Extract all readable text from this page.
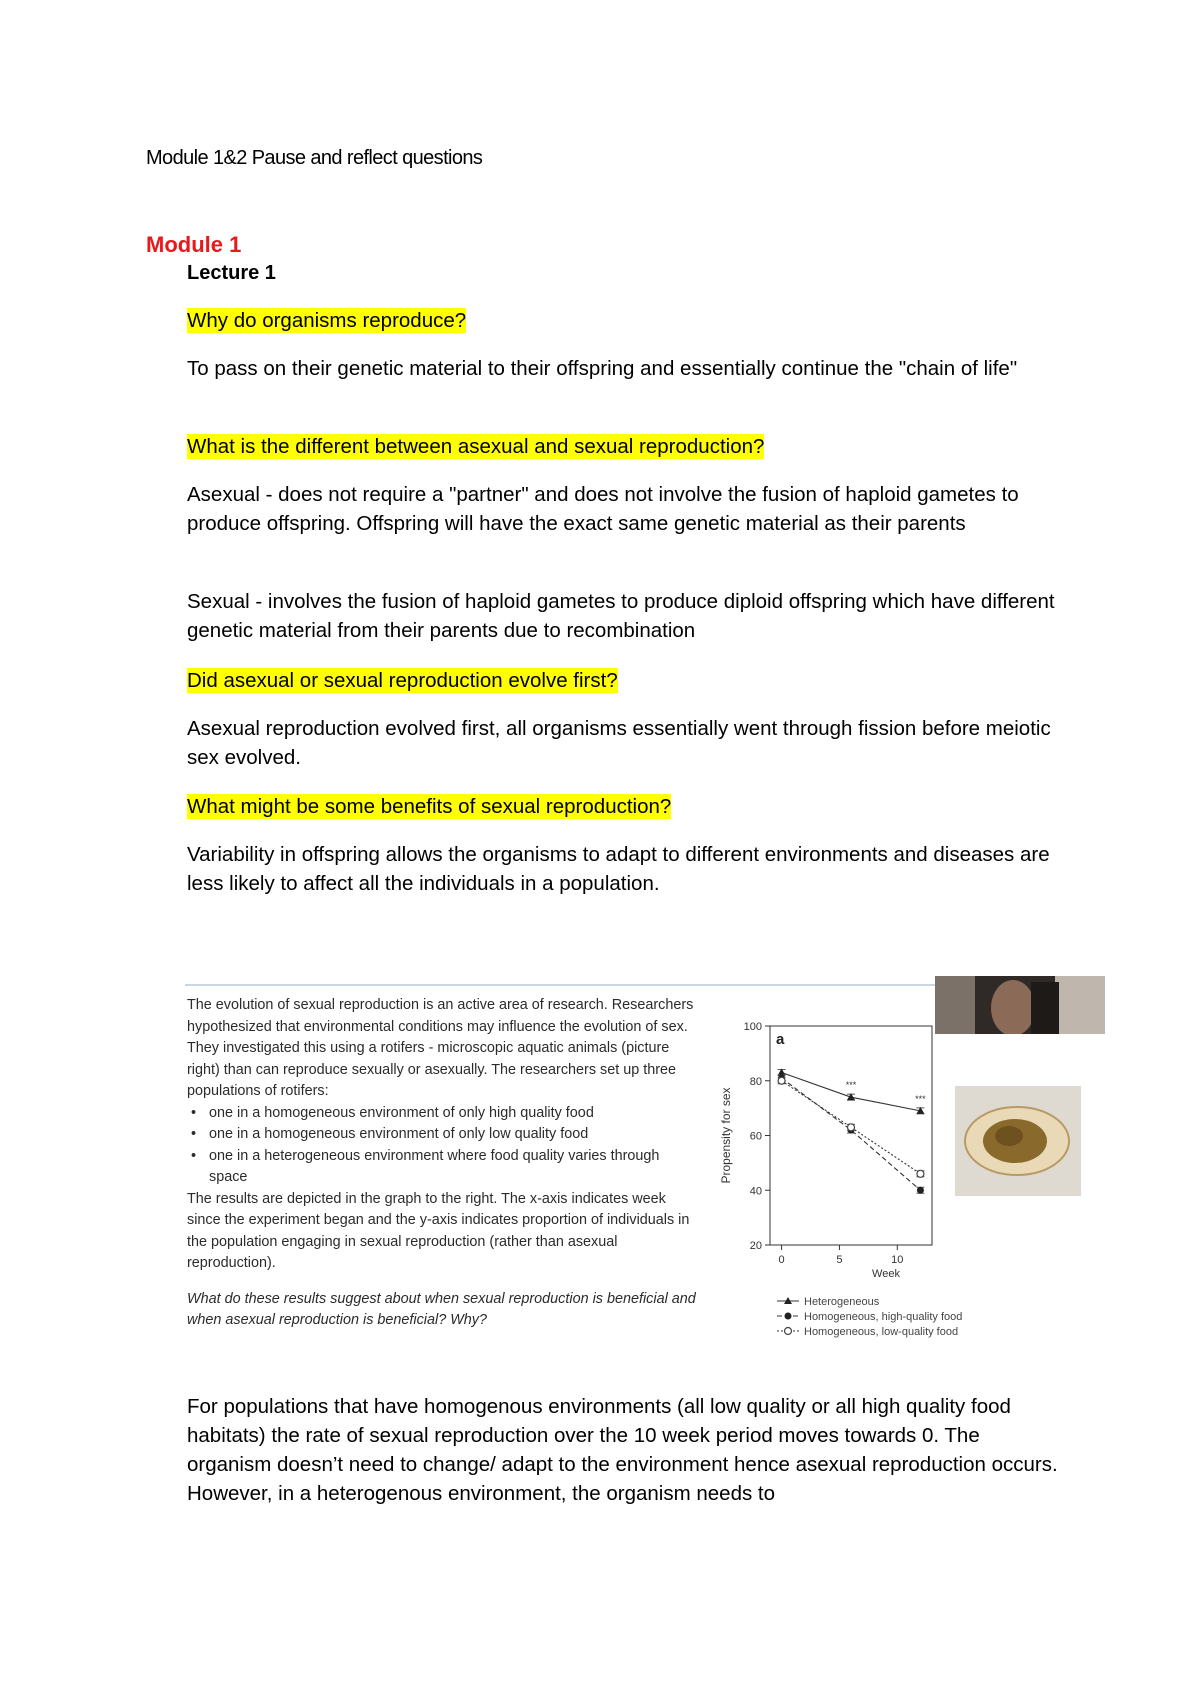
Module 1&2 Pause and reflect questions
Module 1
Lecture 1
Why do organisms reproduce?
To pass on their genetic material to their offspring and essentially continue the "chain of life"
What is the different between asexual and sexual reproduction?
Asexual - does not require a "partner" and does not involve the fusion of haploid gametes to produce offspring. Offspring will have the exact same genetic material as their parents
Sexual - involves the fusion of haploid gametes to produce diploid offspring which have different genetic material from their parents due to recombination
Did asexual or sexual reproduction evolve first?
Asexual reproduction evolved first, all organisms essentially went through fission before meiotic sex evolved.
What might be some benefits of sexual reproduction?
Variability in offspring allows the organisms to adapt to different environments and diseases are less likely to affect all the individuals in a population.
The evolution of sexual reproduction is an active area of research. Researchers hypothesized that environmental conditions may influence the evolution of sex. They investigated this using a rotifers - microscopic aquatic animals (picture right) than can reproduce sexually or asexually. The researchers set up three populations of rotifers:
• one in a homogeneous environment of only high quality food
• one in a homogeneous environment of only low quality food
• one in a heterogeneous environment where food quality varies through space
The results are depicted in the graph to the right. The x-axis indicates week since the experiment began and the y-axis indicates proportion of individuals in the population engaging in sexual reproduction (rather than asexual reproduction).
What do these results suggest about when sexual reproduction is beneficial and when asexual reproduction is beneficial? Why?
a
20
40
60
80
100
0	5	10
Week
Propensity for sex
***
***
Heterogeneous
Homogeneous, high-quality food
Homogeneous, low-quality food
For populations that have homogenous environments (all low quality or all high quality food habitats) the rate of sexual reproduction over the 10 week period moves towards 0. The organism doesn’t need to change/ adapt to the environment hence asexual reproduction occurs. However, in a heterogenous environment, the organism needs to
